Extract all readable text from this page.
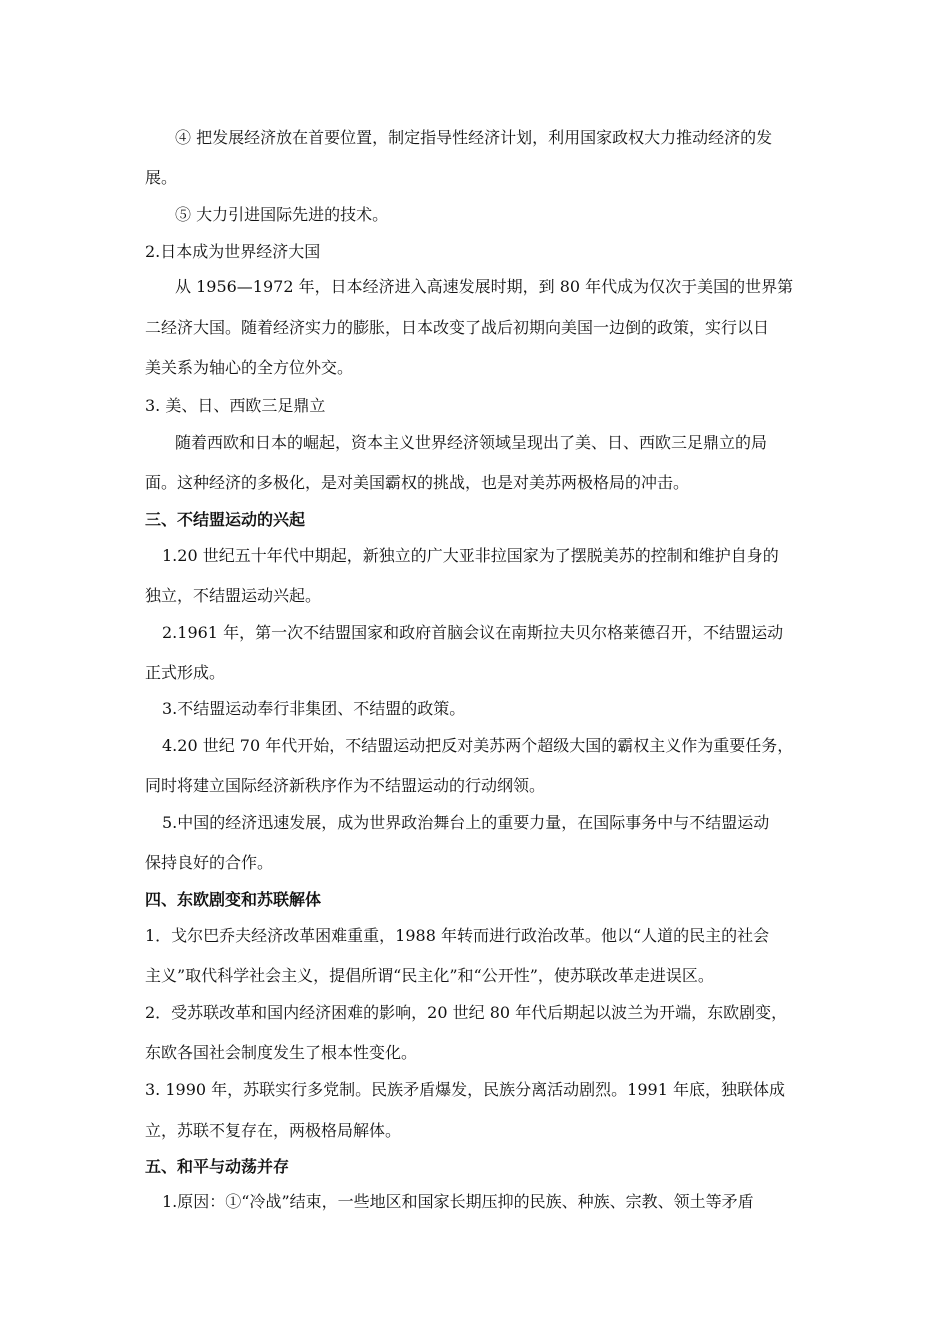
④ 把发展经济放在首要位置，制定指导性经济计划，利用国家政权大力推动经济的发
展。
⑤ 大力引进国际先进的技术。
2.日本成为世界经济大国
从 1956—1972 年，日本经济进入高速发展时期，到 80 年代成为仅次于美国的世界第
二经济大国。随着经济实力的膨胀，日本改变了战后初期向美国一边倒的政策，实行以日
美关系为轴心的全方位外交。
3. 美、日、西欧三足鼎立
随着西欧和日本的崛起，资本主义世界经济领域呈现出了美、日、西欧三足鼎立的局
面。这种经济的多极化，是对美国霸权的挑战，也是对美苏两极格局的冲击。
三、不结盟运动的兴起
1.20 世纪五十年代中期起，新独立的广大亚非拉国家为了摆脱美苏的控制和维护自身的
独立，不结盟运动兴起。
2.1961 年，第一次不结盟国家和政府首脑会议在南斯拉夫贝尔格莱德召开，不结盟运动
正式形成。
3.不结盟运动奉行非集团、不结盟的政策。
4.20 世纪 70 年代开始，不结盟运动把反对美苏两个超级大国的霸权主义作为重要任务，
同时将建立国际经济新秩序作为不结盟运动的行动纲领。
5.中国的经济迅速发展，成为世界政治舞台上的重要力量，在国际事务中与不结盟运动
保持良好的合作。
四、东欧剧变和苏联解体
1．戈尔巴乔夫经济改革困难重重，1988 年转而进行政治改革。他以“人道的民主的社会
主义”取代科学社会主义，提倡所谓“民主化”和“公开性”，使苏联改革走进误区。
2．受苏联改革和国内经济困难的影响，20 世纪 80 年代后期起以波兰为开端，东欧剧变，
东欧各国社会制度发生了根本性变化。
3. 1990 年，苏联实行多党制。民族矛盾爆发，民族分离活动剧烈。1991 年底，独联体成
立，苏联不复存在，两极格局解体。
五、和平与动荡并存
1.原因：①“冷战”结束，一些地区和国家长期压抑的民族、种族、宗教、领土等矛盾
